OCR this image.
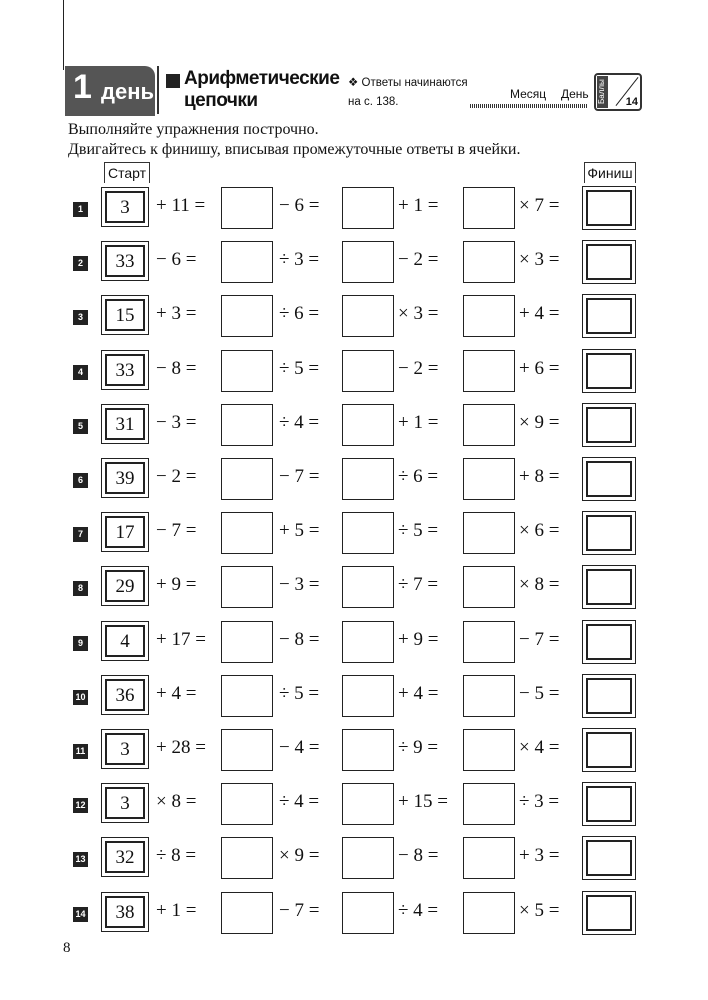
1 день
Арифметические
цепочки
❖ Ответы начинаются
на с. 138.
Месяц День Баллы 14
Выполняйте упражнения построчно.
Двигайтесь к финишу, вписывая промежуточные ответы в ячейки.
Старт	Финиш
1	3	+ 11 =	− 6 =	+ 1 =	× 7 =
2	33	− 6 =	÷ 3 =	− 2 =	× 3 =
3	15	+ 3 =	÷ 6 =	× 3 =	+ 4 =
4	33	− 8 =	÷ 5 =	− 2 =	+ 6 =
5	31	− 3 =	÷ 4 =	+ 1 =	× 9 =
6	39	− 2 =	− 7 =	÷ 6 =	+ 8 =
7	17	− 7 =	+ 5 =	÷ 5 =	× 6 =
8	29	+ 9 =	− 3 =	÷ 7 =	× 8 =
9	4	+ 17 =	− 8 =	+ 9 =	− 7 =
10	36	+ 4 =	÷ 5 =	+ 4 =	− 5 =
11	3	+ 28 =	− 4 =	÷ 9 =	× 4 =
12	3	× 8 =	÷ 4 =	+ 15 =	÷ 3 =
13	32	÷ 8 =	× 9 =	− 8 =	+ 3 =
14	38	+ 1 =	− 7 =	÷ 4 =	× 5 =
8
